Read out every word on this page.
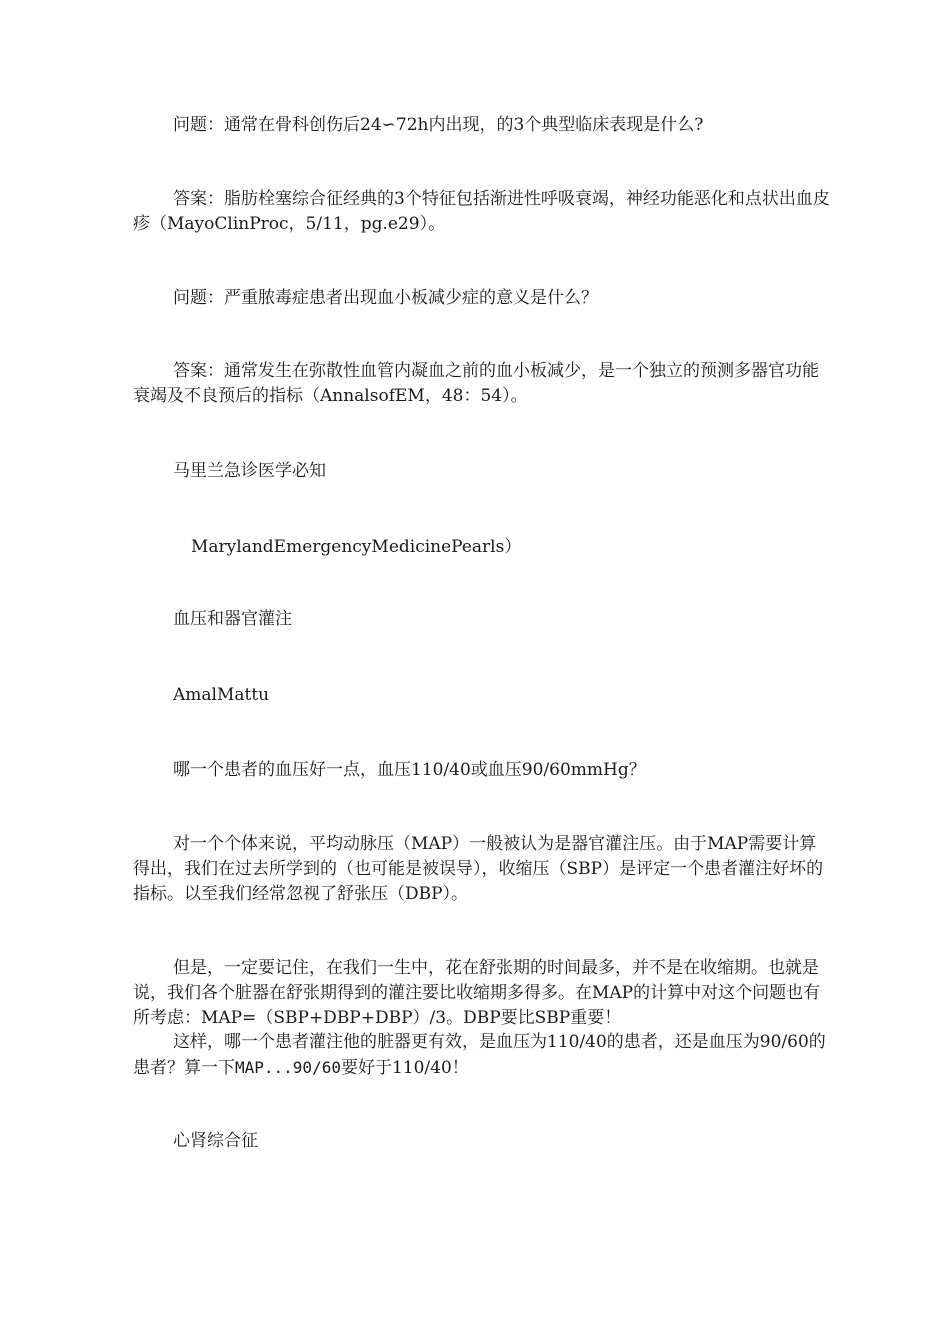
问题：通常在骨科创伤后24∽72h内出现，的3个典型临床表现是什么?
答案：脂肪栓塞综合征经典的3个特征包括渐进性呼吸衰竭，神经功能恶化和点状出血皮疹（MayoClinProc，5/11，pg.e29）。
问题：严重脓毒症患者出现血小板减少症的意义是什么？
答案：通常发生在弥散性血管内凝血之前的血小板减少，是一个独立的预测多器官功能衰竭及不良预后的指标（AnnalsofEM，48：54）。
马里兰急诊医学必知
MarylandEmergencyMedicinePearls）
血压和器官灌注
AmalMattu
哪一个患者的血压好一点，血压110/40或血压90/60mmHg？
对一个个体来说，平均动脉压（MAP）一般被认为是器官灌注压。由于MAP需要计算得出，我们在过去所学到的（也可能是被误导），收缩压（SBP）是评定一个患者灌注好坏的指标。以至我们经常忽视了舒张压（DBP）。
但是，一定要记住，在我们一生中，花在舒张期的时间最多，并不是在收缩期。也就是说，我们各个脏器在舒张期得到的灌注要比收缩期多得多。在MAP的计算中对这个问题也有所考虑：MAP=（SBP+DBP+DBP）/3。DBP要比SBP重要！
这样，哪一个患者灌注他的脏器更有效，是血压为110/40的患者，还是血压为90/60的患者？算一下MAP...90/60要好于110/40！
心肾综合征
